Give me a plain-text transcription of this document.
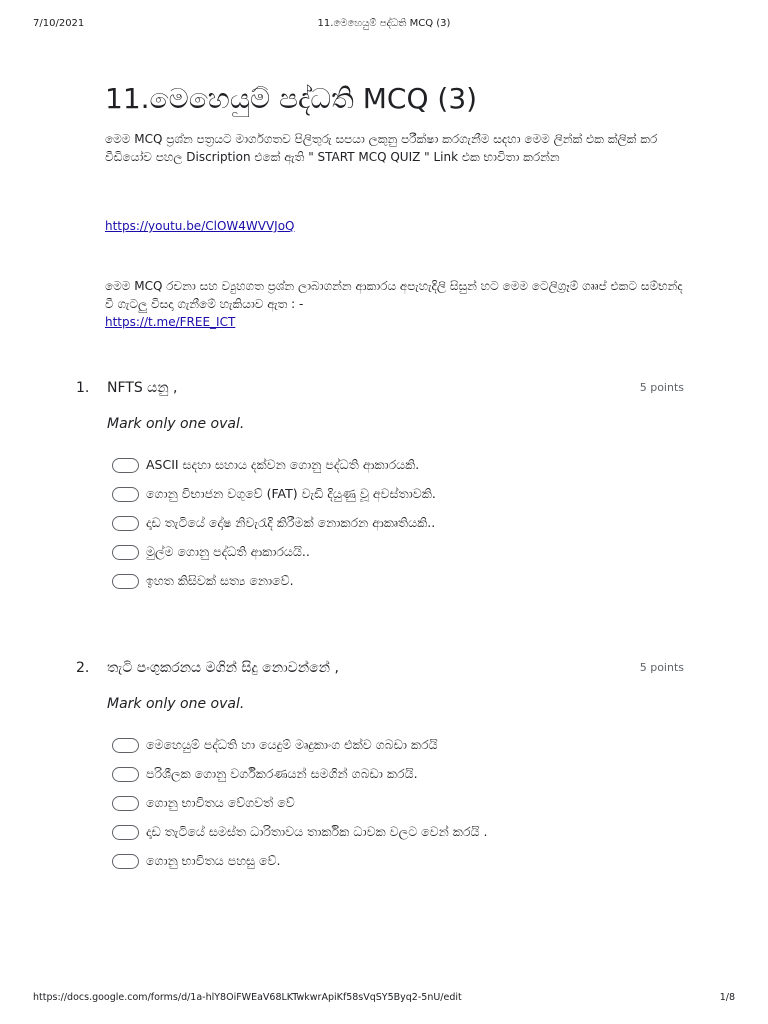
7/10/2021	11.මෙහෙයුම් පද්ධති MCQ (3)
11.මෙහෙයුම් පද්ධති MCQ (3)

මෙම MCQ ප්‍රශ්න පත්‍රයට මාර්ගගතව පිලිතුරු සපයා ලකුනු පරීක්ෂා කරගැනීම සදහා මෙම ලින්ක් එක ක්ලික් කර වීඩියෝව පහල Discription එකේ ඇති " START MCQ QUIZ " Link එක භාවිතා කරන්න

https://youtu.be/ClOW4WVVJoQ
මෙම MCQ රචනා සහ ව්‍යුහගත ප්‍රශ්න ලාබාගන්න ආකාරය අපැහැදිලි සිසුන් හට මෙම ටෙලිග්‍රෑම් ගෘෘප් එකට සම්භන්ද වී ගැටලු විසදා ගැනීමේ හැකියාව ඇත : -
https://t.me/FREE_ICT
1. NFTS යනු ,	5 points
Mark only one oval.
ASCII සදහා සහාය දක්වන ගොනු පද්ධති ආකාරයකි.
ගොනු විභාජන වගුවේ (FAT) වැඩි දියුණු වූ අවස්තාවකි.
දෘඩ තැටියේ දෝෂ නිවැරැදි කිරීමක් නොකරන ආකෘතියකි..
මුල්ම ගොනු පද්ධති ආකාරයයි..
ඉහත කිසිවක් සත්‍ය නොවේ.
2. තැටි පංගුකරනය මගින් සිදු නොවන්නේ ,	5 points
Mark only one oval.
මෙහෙයුම් පද්ධති හා යෙදුම් මෘදුකාංග එක්ව ගබඩා කරයි
පරිශීලක ගොනු වර්ගීකරණයන් සමගින් ගබඩා කරයි.
ගොනු භාවිතය වේගවත් වේ
දෘඩ තැටියේ සමස්ත ධාරිතාවය තාර්කික ධාවක වලට වෙන් කරයි .
ගොනු භාවිතය පහසු වේ.
https://docs.google.com/forms/d/1a-hlY8OiFWEaV68LKTwkwrApiKf58sVqSY5Byq2-5nU/edit	1/8
